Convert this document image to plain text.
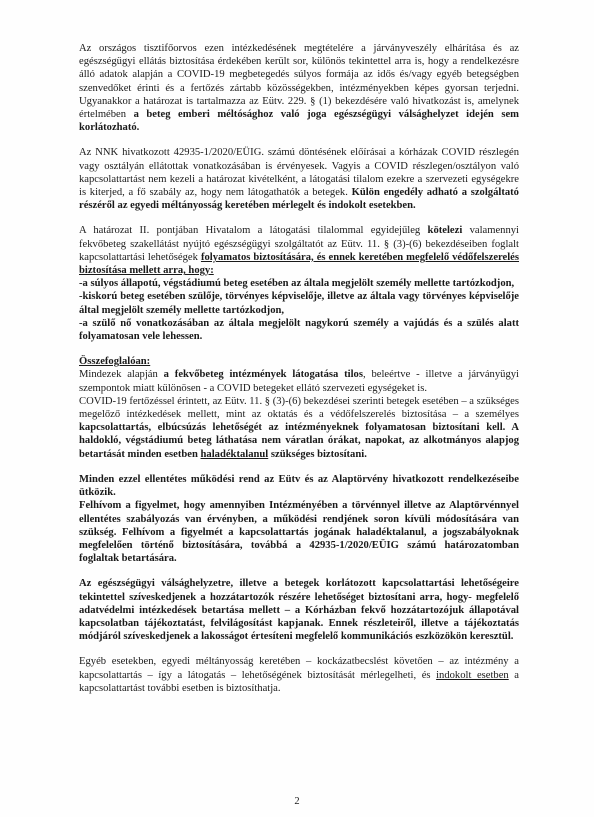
Az országos tisztifőorvos ezen intézkedésének megtételére a járványveszély elhárítása és az egészségügyi ellátás biztosítása érdekében került sor, különös tekintettel arra is, hogy a rendelkezésre álló adatok alapján a COVID-19 megbetegedés súlyos formája az idős és/vagy egyéb betegségben szenvedőket érinti és a fertőzés zártabb közösségekben, intézményekben képes gyorsan terjedni. Ugyanakkor a határozat is tartalmazza az Eütv. 229. § (1) bekezdésére való hivatkozást is, amelynek értelmében a beteg emberi méltósághoz való joga egészségügyi válsághelyzet idején sem korlátozható.

Az NNK hivatkozott 42935-1/2020/EÜIG. számú döntésének előírásai a kórházak COVID részlegén vagy osztályán ellátottak vonatkozásában is érvényesek. Vagyis a COVID részlegen/osztályon való kapcsolattartást nem kezeli a határozat kivételként, a látogatási tilalom ezekre a szervezeti egységekre is kiterjed, a fő szabály az, hogy nem látogathatók a betegek. Külön engedély adható a szolgáltató részéről az egyedi méltányosság keretében mérlegelt és indokolt esetekben.

A határozat II. pontjában Hivatalom a látogatási tilalommal egyidejűleg kötelezi valamennyi fekvőbeteg szakellátást nyújtó egészségügyi szolgáltatót az Eütv. 11. § (3)-(6) bekezdéseiben foglalt kapcsolattartási lehetőségek folyamatos biztosítására, és ennek keretében megfelelő védőfelszerelés biztosítása mellett arra, hogy:
-a súlyos állapotú, végstádiumú beteg esetében az általa megjelölt személy mellette tartózkodjon,
-kiskorú beteg esetében szülője, törvényes képviselője, illetve az általa vagy törvényes képviselője által megjelölt személy mellette tartózkodjon,
-a szülő nő vonatkozásában az általa megjelölt nagykorú személy a vajúdás és a szülés alatt folyamatosan vele lehessen.

Összefoglalóan:
Mindezek alapján a fekvőbeteg intézmények látogatása tilos, beleértve - illetve a járványügyi szempontok miatt különösen - a COVID betegeket ellátó szervezeti egységeket is.
COVID-19 fertőzéssel érintett, az Eütv. 11. § (3)-(6) bekezdései szerinti betegek esetében – a szükséges megelőző intézkedések mellett, mint az oktatás és a védőfelszerelés biztosítása – a személyes kapcsolattartás, elbúcsúzás lehetőségét az intézményeknek folyamatosan biztosítani kell. A haldokló, végstádiumú beteg láthatása nem váratlan órákat, napokat, az alkotmányos alapjog betartását minden esetben haladéktalanul szükséges biztosítani.

Minden ezzel ellentétes működési rend az Eütv és az Alaptörvény hivatkozott rendelkezéseibe ütközik.
Felhívom a figyelmet, hogy amennyiben Intézményében a törvénnyel illetve az Alaptörvénnyel ellentétes szabályozás van érvényben, a működési rendjének soron kívüli módosítására van szükség. Felhívom a figyelmét a kapcsolattartás jogának haladéktalanul, a jogszabályoknak megfelelően történő biztosítására, továbbá a 42935-1/2020/EÜIG számú határozatomban foglaltak betartására.

Az egészségügyi válsághelyzetre, illetve a betegek korlátozott kapcsolattartási lehetőségeire tekintettel szíveskedjenek a hozzátartozók részére lehetőséget biztosítani arra, hogy- megfelelő adatvédelmi intézkedések betartása mellett – a Kórházban fekvő hozzátartozójuk állapotával kapcsolatban tájékoztatást, felvilágosítást kapjanak. Ennek részleteiről, illetve a tájékoztatás módjáról szíveskedjenek a lakosságot értesíteni megfelelő kommunikációs eszközökön keresztül.

Egyéb esetekben, egyedi méltányosság keretében – kockázatbecslést követően – az intézmény a kapcsolattartás – így a látogatás – lehetőségének biztosítását mérlegelheti, és indokolt esetben a kapcsolattartást további esetben is biztosíthatja.

2
